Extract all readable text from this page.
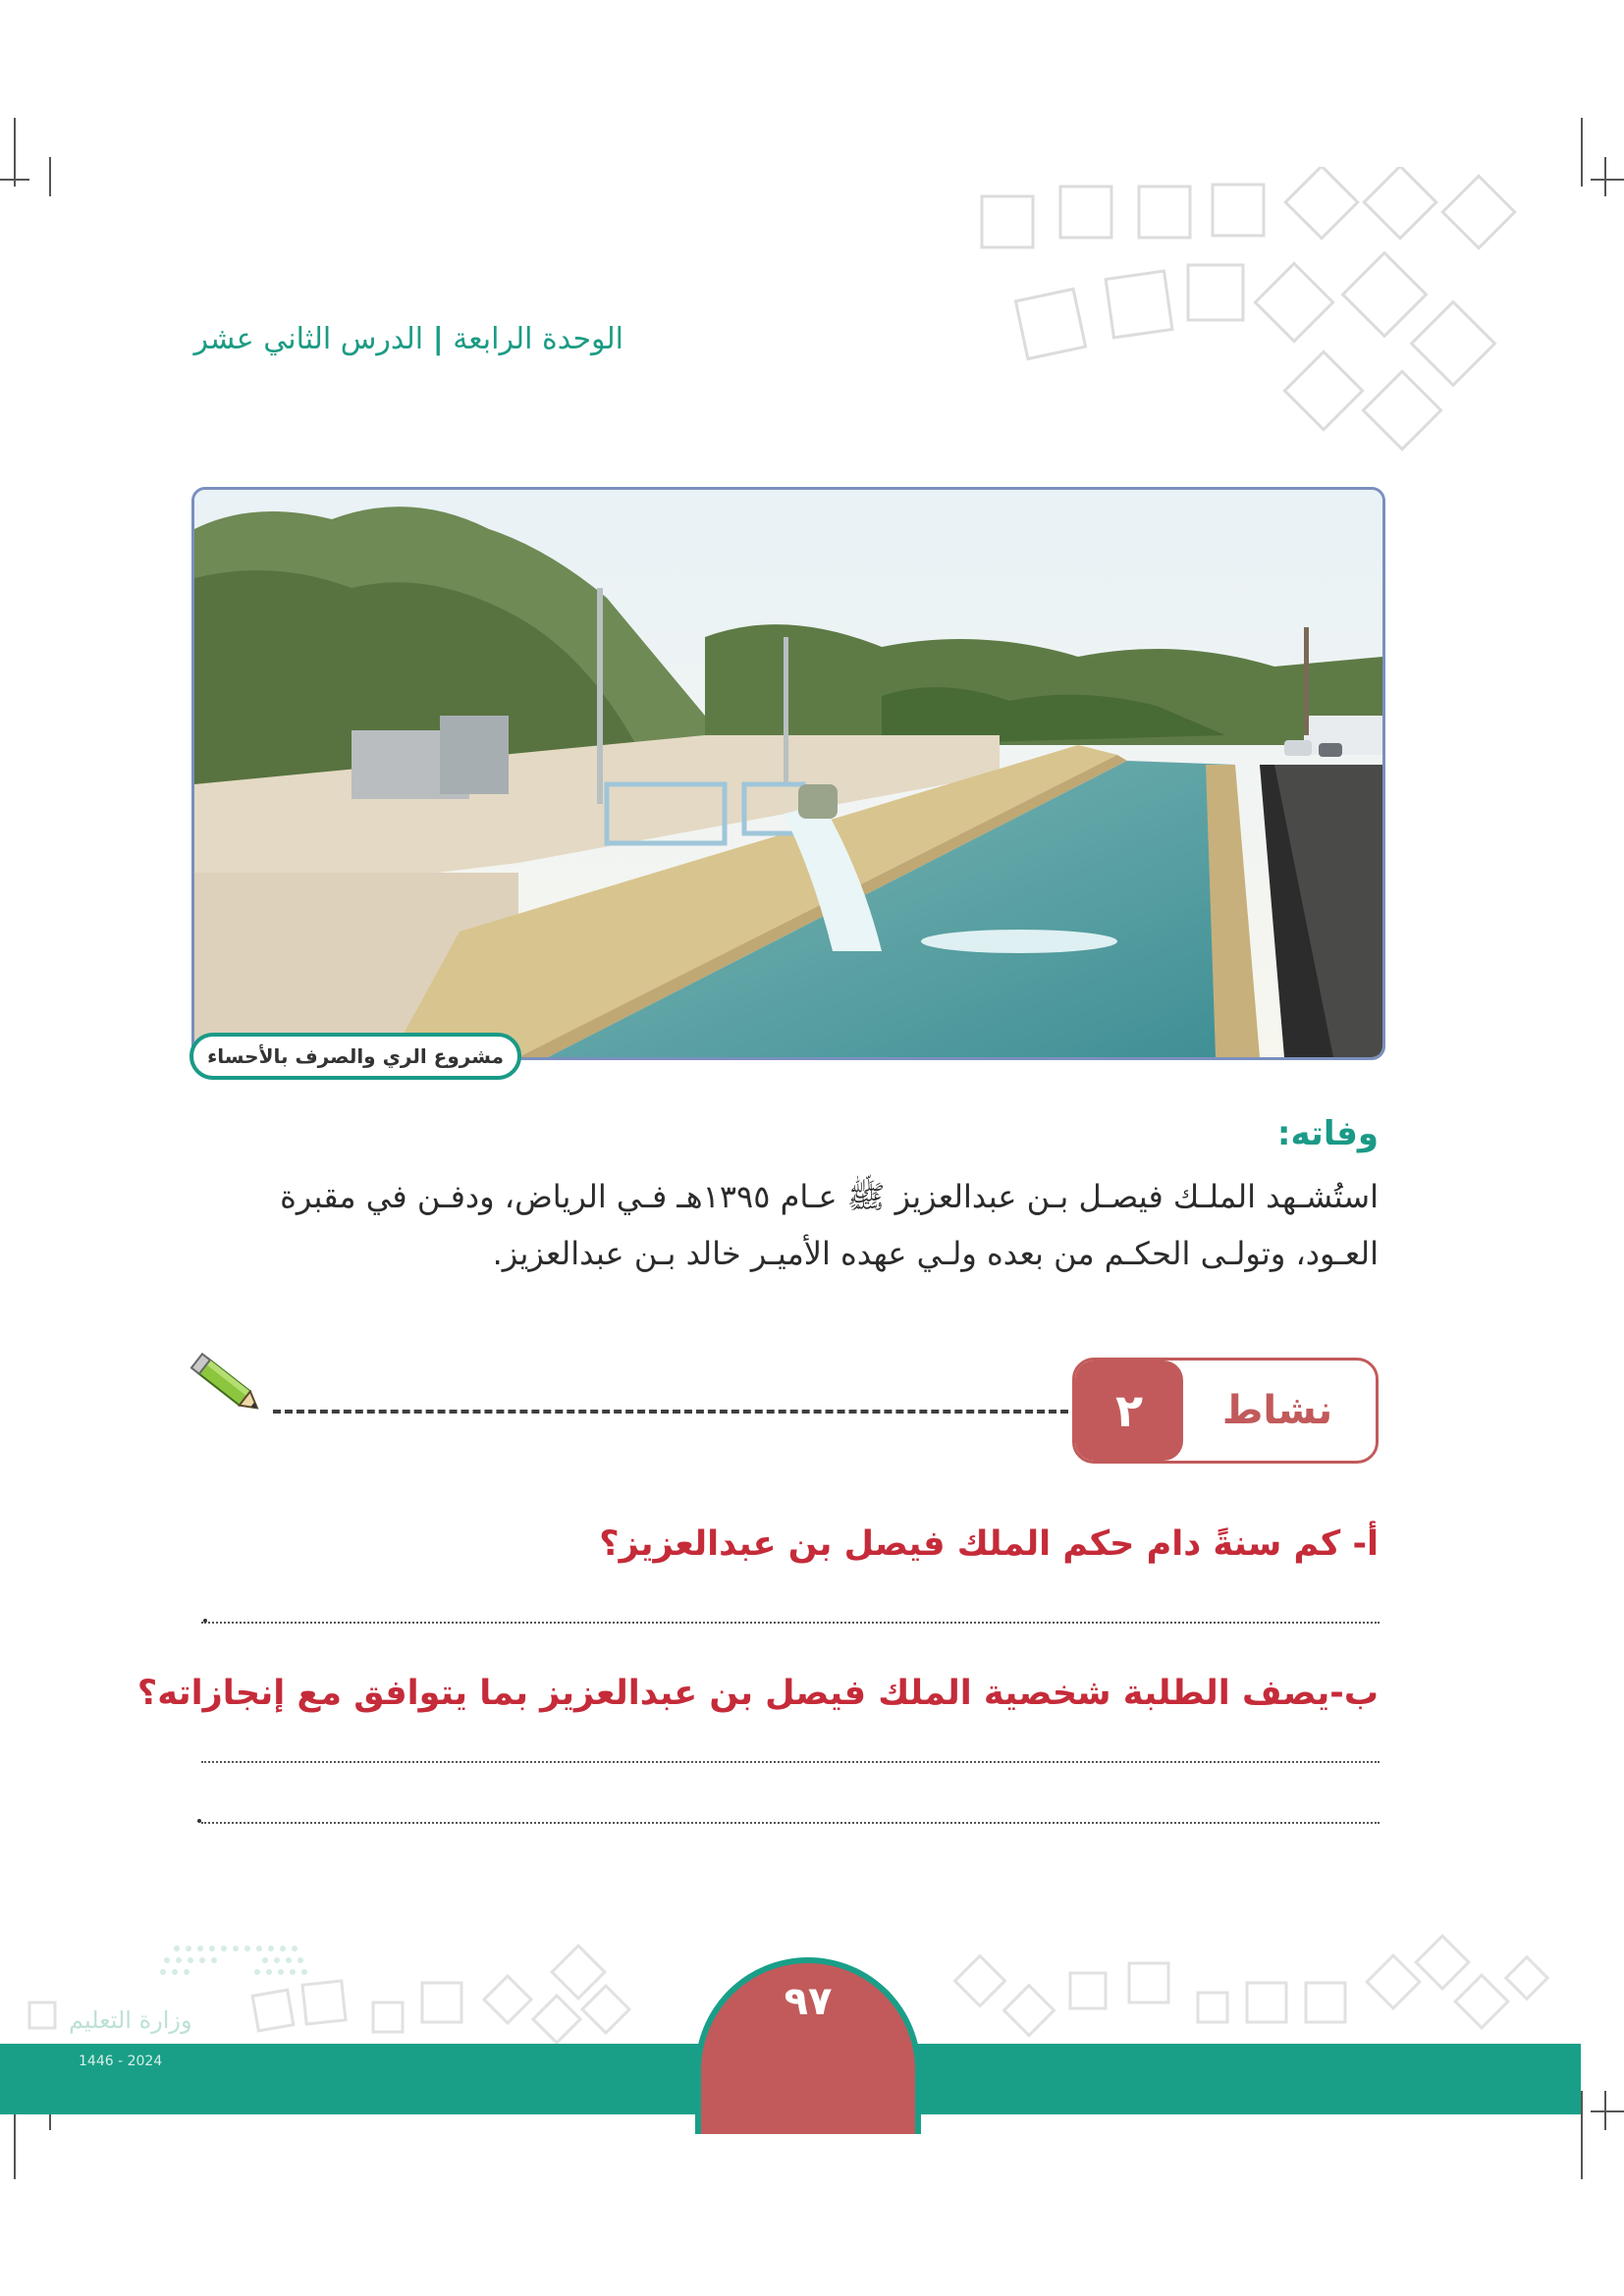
الوحدة الرابعة | الدرس الثاني عشر
مشروع الري والصرف بالأحساء
وفاته:

استُشـهد الملـك فيصـل بـن عبدالعزيز ﷺ عـام ١٣٩٥هـ فـي الرياض، ودفـن في مقبرة

العـود، وتولـى الحكـم من بعده ولـي عهده الأميـر خالد بـن عبدالعزيز.

نشاط
٢
أ- كم سنةً دام حكم الملك فيصل بن عبدالعزيز؟
ب-يصف الطلبة شخصية الملك فيصل بن عبدالعزيز بما يتوافق مع إنجازاته؟
٩٧
وزارة التعليم
2024 - 1446
